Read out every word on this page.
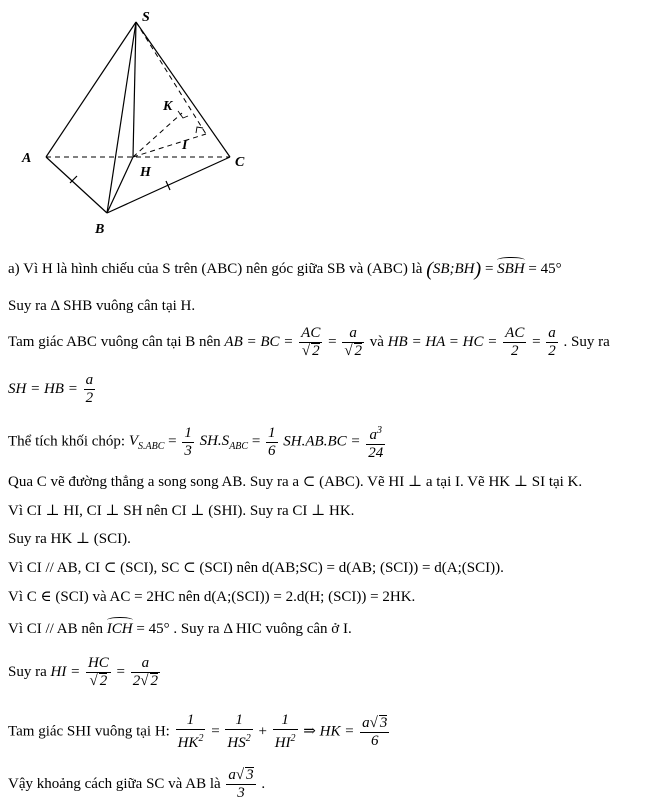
S
A
B
C
H
K
I
a) Vì H là hình chiếu của S trên (ABC) nên góc giữa SB và (ABC) là (SB;BH) = SBH = 45°
Suy ra Δ SHB vuông cân tại H.
Tam giác ABC vuông cân tại B nên AB = BC = $\frac{AC}{√ 2} = \frac{a}{√ 2}$ và HB = HA = HC = $\frac{AC}{2} = \frac{a}{2}$ . Suy ra
SH = HB = $\frac{a}{2}$
Thể tích khối chóp: $V_{S.ABC} = \frac{1}{3} SH.S_{ABC} = \frac{1}{6} SH.AB.BC = \frac{a^3}{24}$
Qua C vẽ đường thẳng a song song AB. Suy ra a ⊂ (ABC). Vẽ HI ⊥ a tại I. Vẽ HK ⊥ SI tại K.
Vì CI ⊥ HI, CI ⊥ SH nên CI ⊥ (SHI). Suy ra CI ⊥ HK.
Suy ra HK ⊥ (SCI).
Vì CI // AB, CI ⊂ (SCI), SC ⊂ (SCI) nên d(AB;SC) = d(AB; (SCI)) = d(A;(SCI)).
Vì C ∈ (SCI) và AC = 2HC nên d(A;(SCI)) = 2.d(H; (SCI)) = 2HK.
Vì CI // AB nên ICH = 45° . Suy ra Δ HIC vuông cân ở I.
Suy ra HI = $\frac{HC}{√ 2} = \frac{a}{2√ 2}$
Tam giác SHI vuông tại H: $\frac{1}{HK^2} = \frac{1}{HS^2} + \frac{1}{HI^2}$ ⇒ HK = $\frac{a√ 3}{6}$
Vậy khoảng cách giữa SC và AB là $\frac{a√ 3}{3}$ .
